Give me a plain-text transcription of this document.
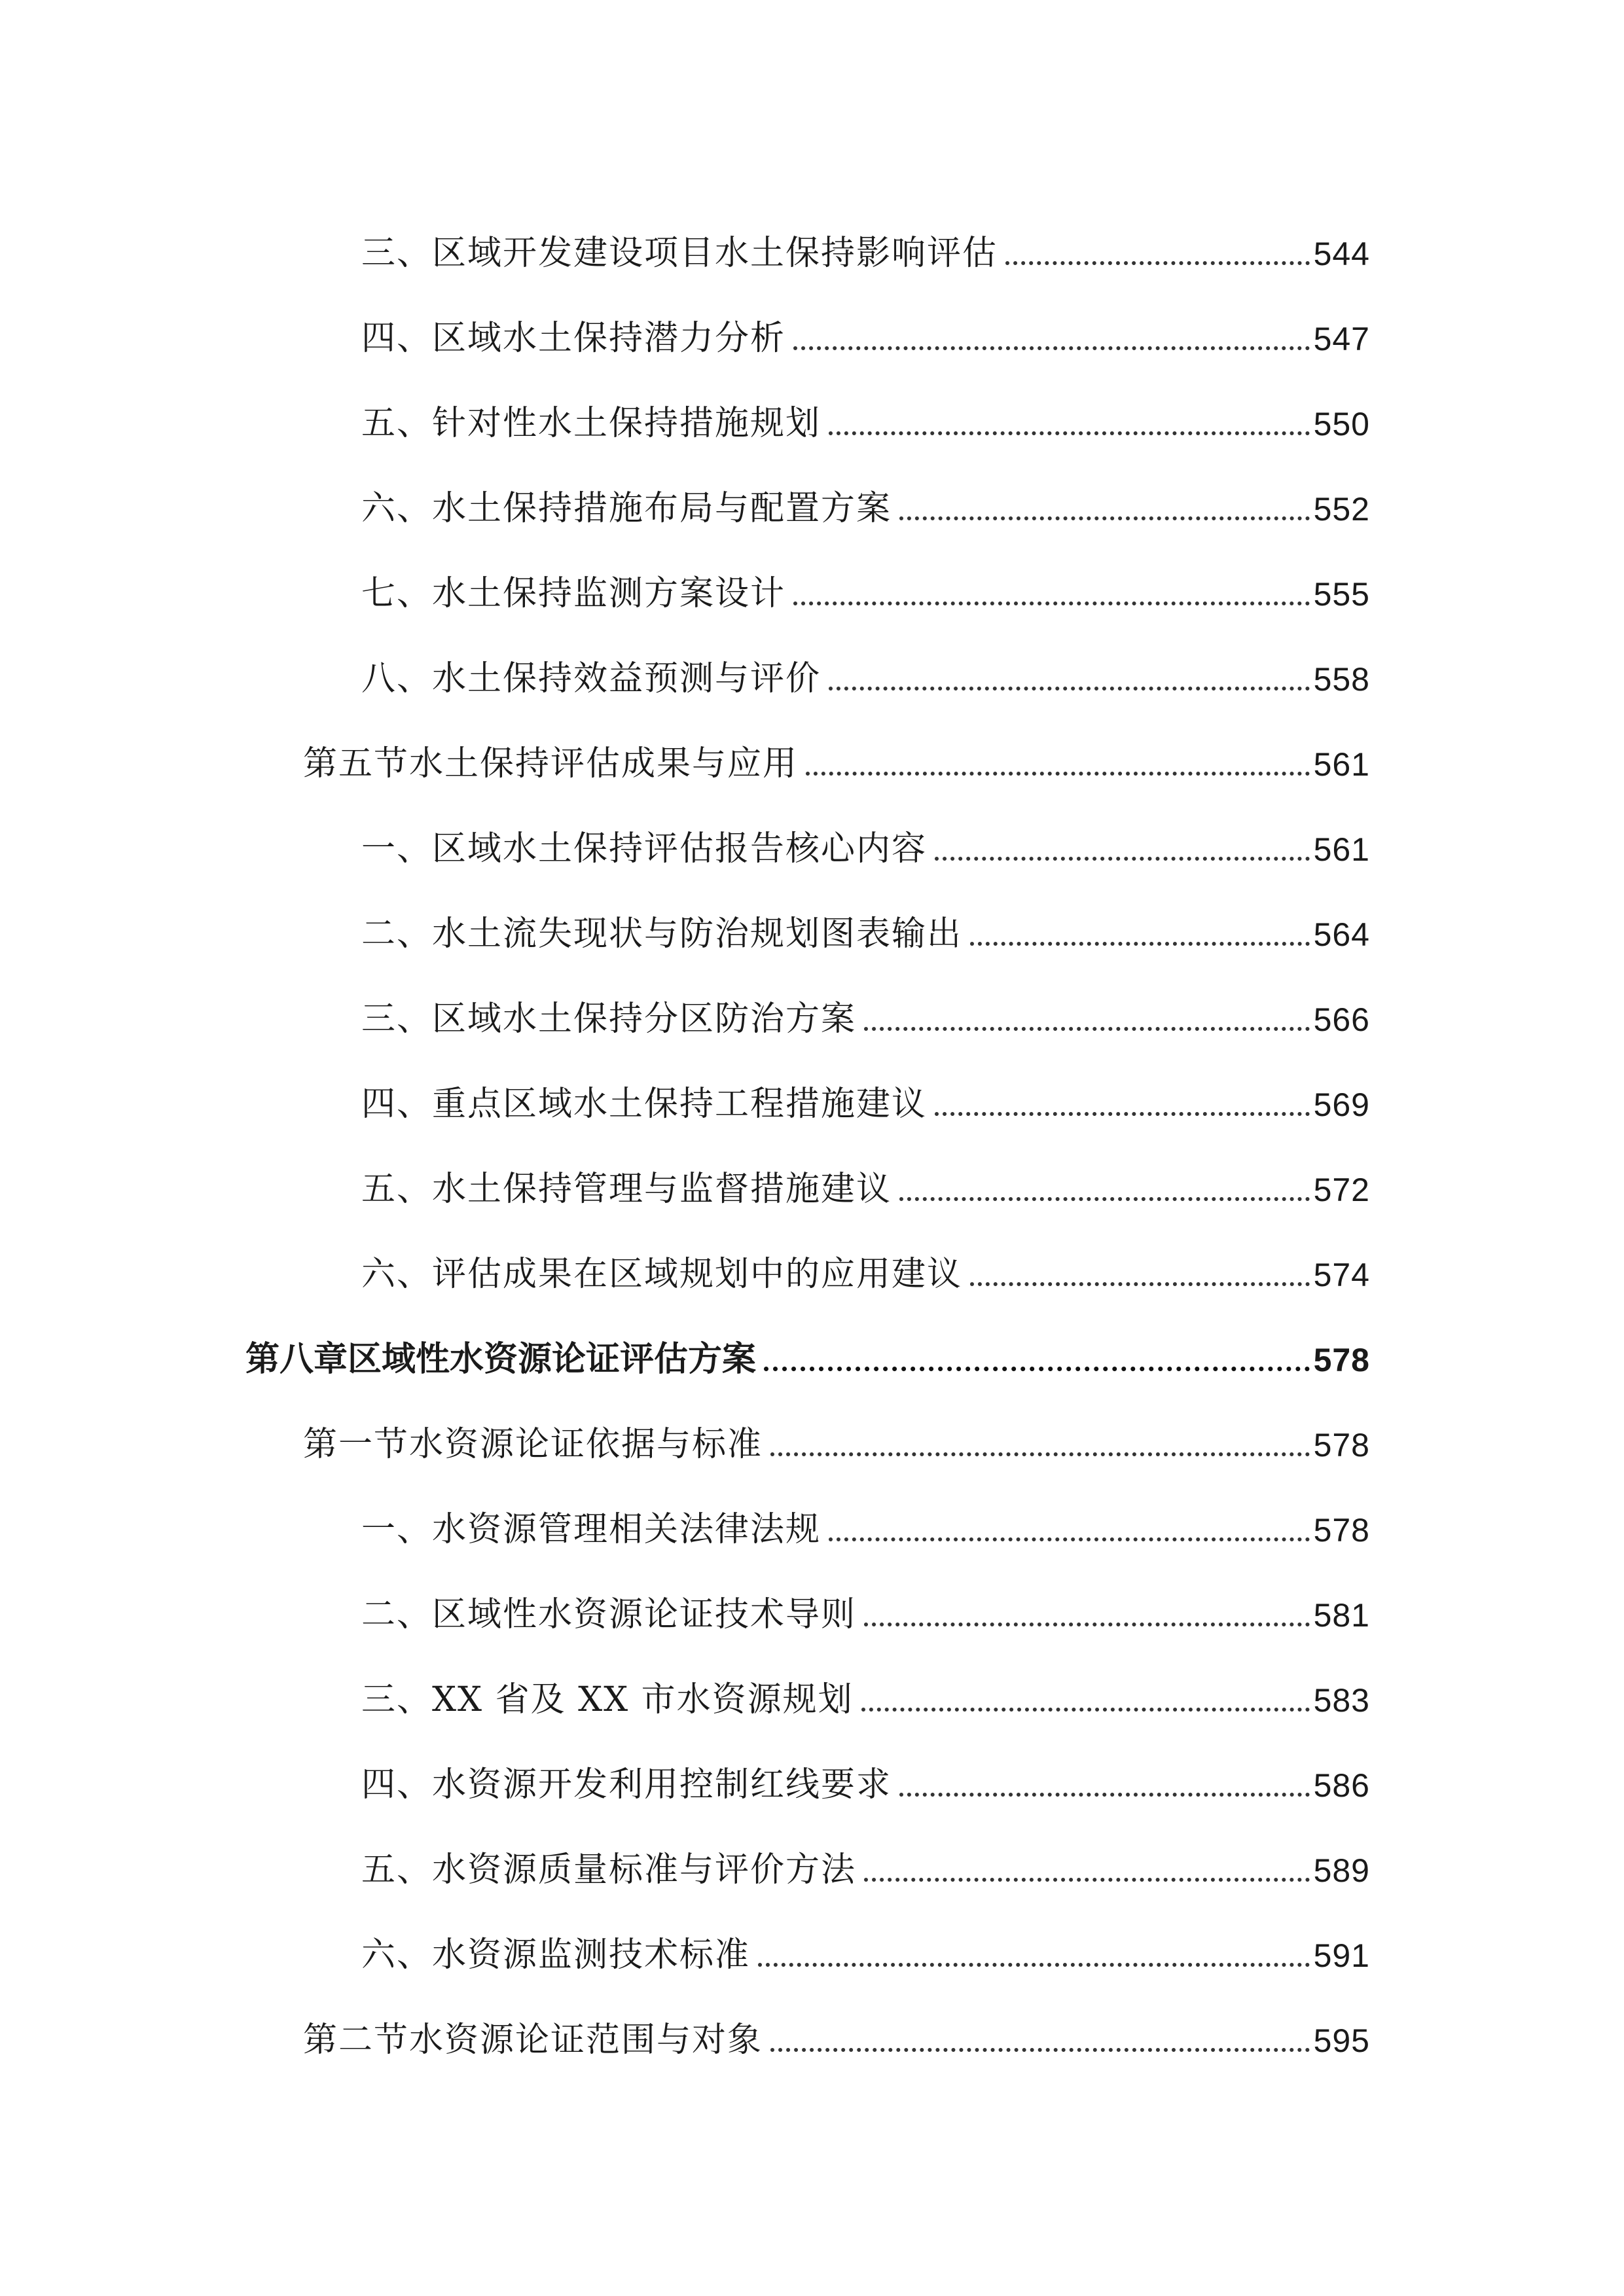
三、区域开发建设项目水土保持影响评估	544
四、区域水土保持潜力分析	547
五、针对性水土保持措施规划	550
六、水土保持措施布局与配置方案	552
七、水土保持监测方案设计	555
八、水土保持效益预测与评价	558
第五节水土保持评估成果与应用	561
一、区域水土保持评估报告核心内容	561
二、水土流失现状与防治规划图表输出	564
三、区域水土保持分区防治方案	566
四、重点区域水土保持工程措施建议	569
五、水土保持管理与监督措施建议	572
六、评估成果在区域规划中的应用建议	574
第八章区域性水资源论证评估方案	578
第一节水资源论证依据与标准	578
一、水资源管理相关法律法规	578
二、区域性水资源论证技术导则	581
三、XX 省及 XX 市水资源规划	583
四、水资源开发利用控制红线要求	586
五、水资源质量标准与评价方法	589
六、水资源监测技术标准	591
第二节水资源论证范围与对象	595
